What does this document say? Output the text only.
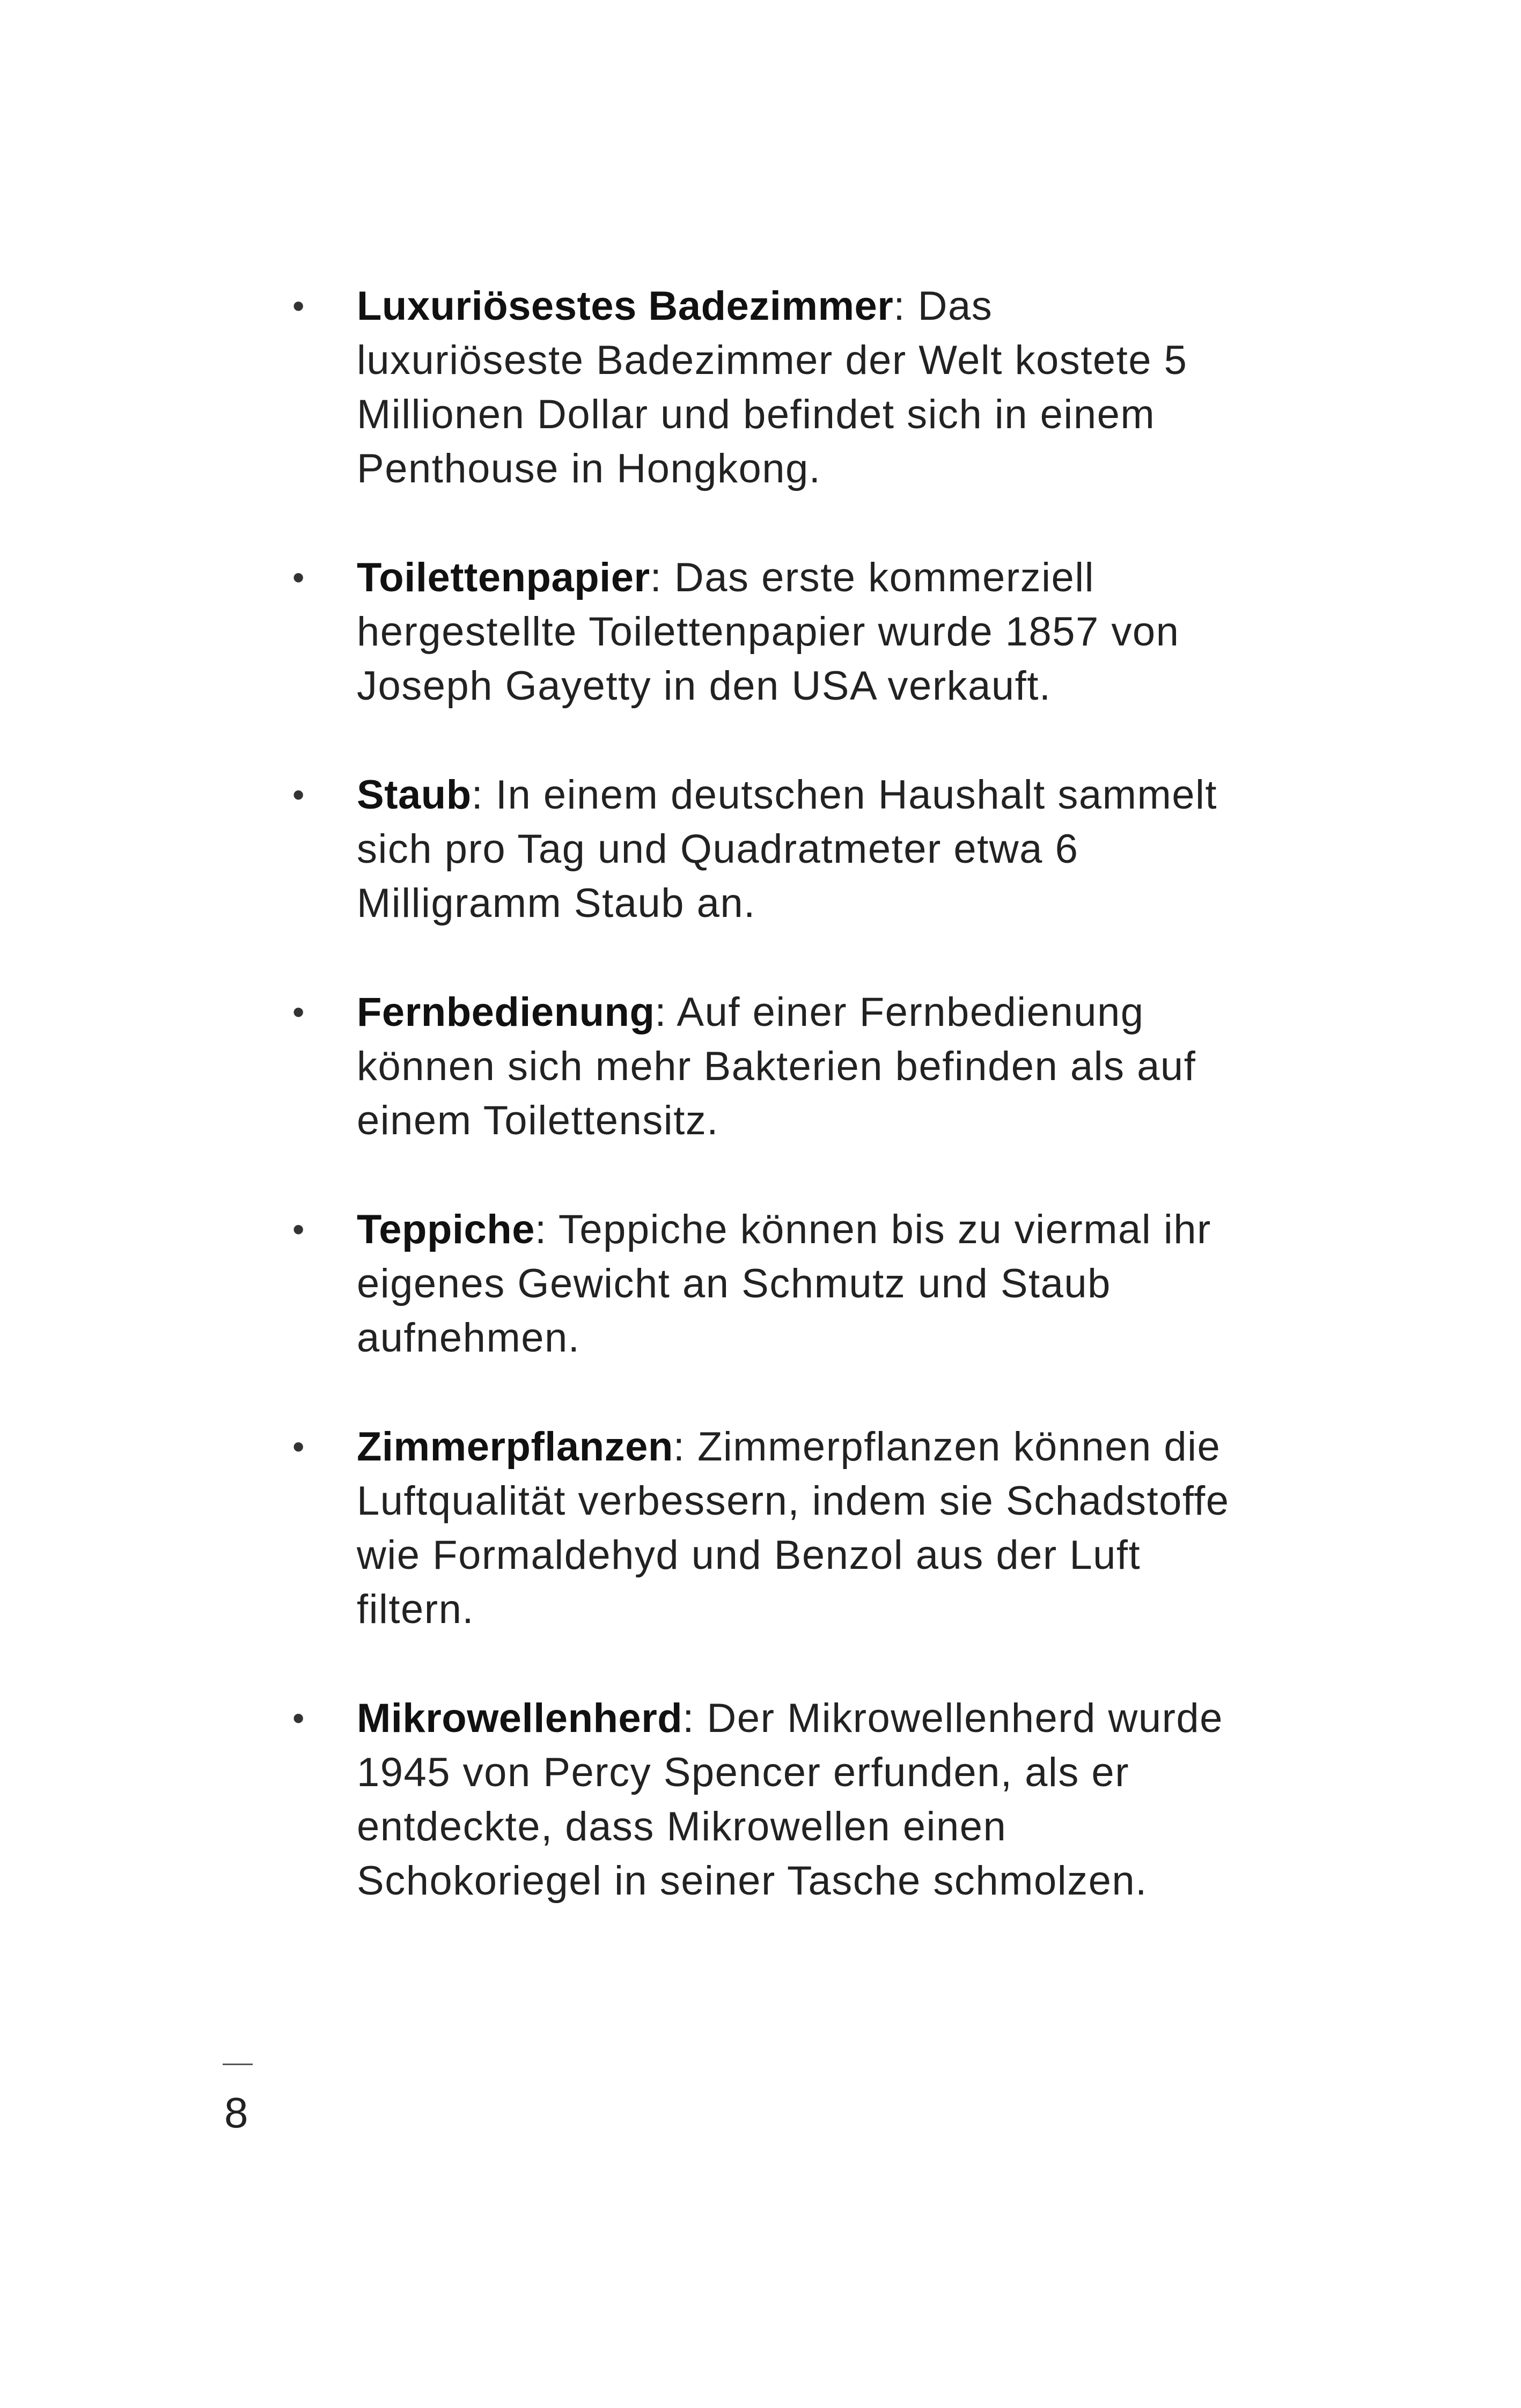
• Luxuriösestes Badezimmer: Das luxuriöseste Badezimmer der Welt kostete 5 Millionen Dollar und befindet sich in einem Penthouse in Hongkong.
• Toilettenpapier: Das erste kommerziell hergestellte Toilettenpapier wurde 1857 von Joseph Gayetty in den USA verkauft.
• Staub: In einem deutschen Haushalt sammelt sich pro Tag und Quadratmeter etwa 6 Milligramm Staub an.
• Fernbedienung: Auf einer Fernbedienung können sich mehr Bakterien befinden als auf einem Toilettensitz.
• Teppiche: Teppiche können bis zu viermal ihr eigenes Gewicht an Schmutz und Staub aufnehmen.
• Zimmerpflanzen: Zimmerpflanzen können die Luftqualität verbessern, indem sie Schadstoffe wie Formaldehyd und Benzol aus der Luft filtern.
• Mikrowellenherd: Der Mikrowellenherd wurde 1945 von Percy Spencer erfunden, als er entdeckte, dass Mikrowellen einen Schokoriegel in seiner Tasche schmolzen.
8
